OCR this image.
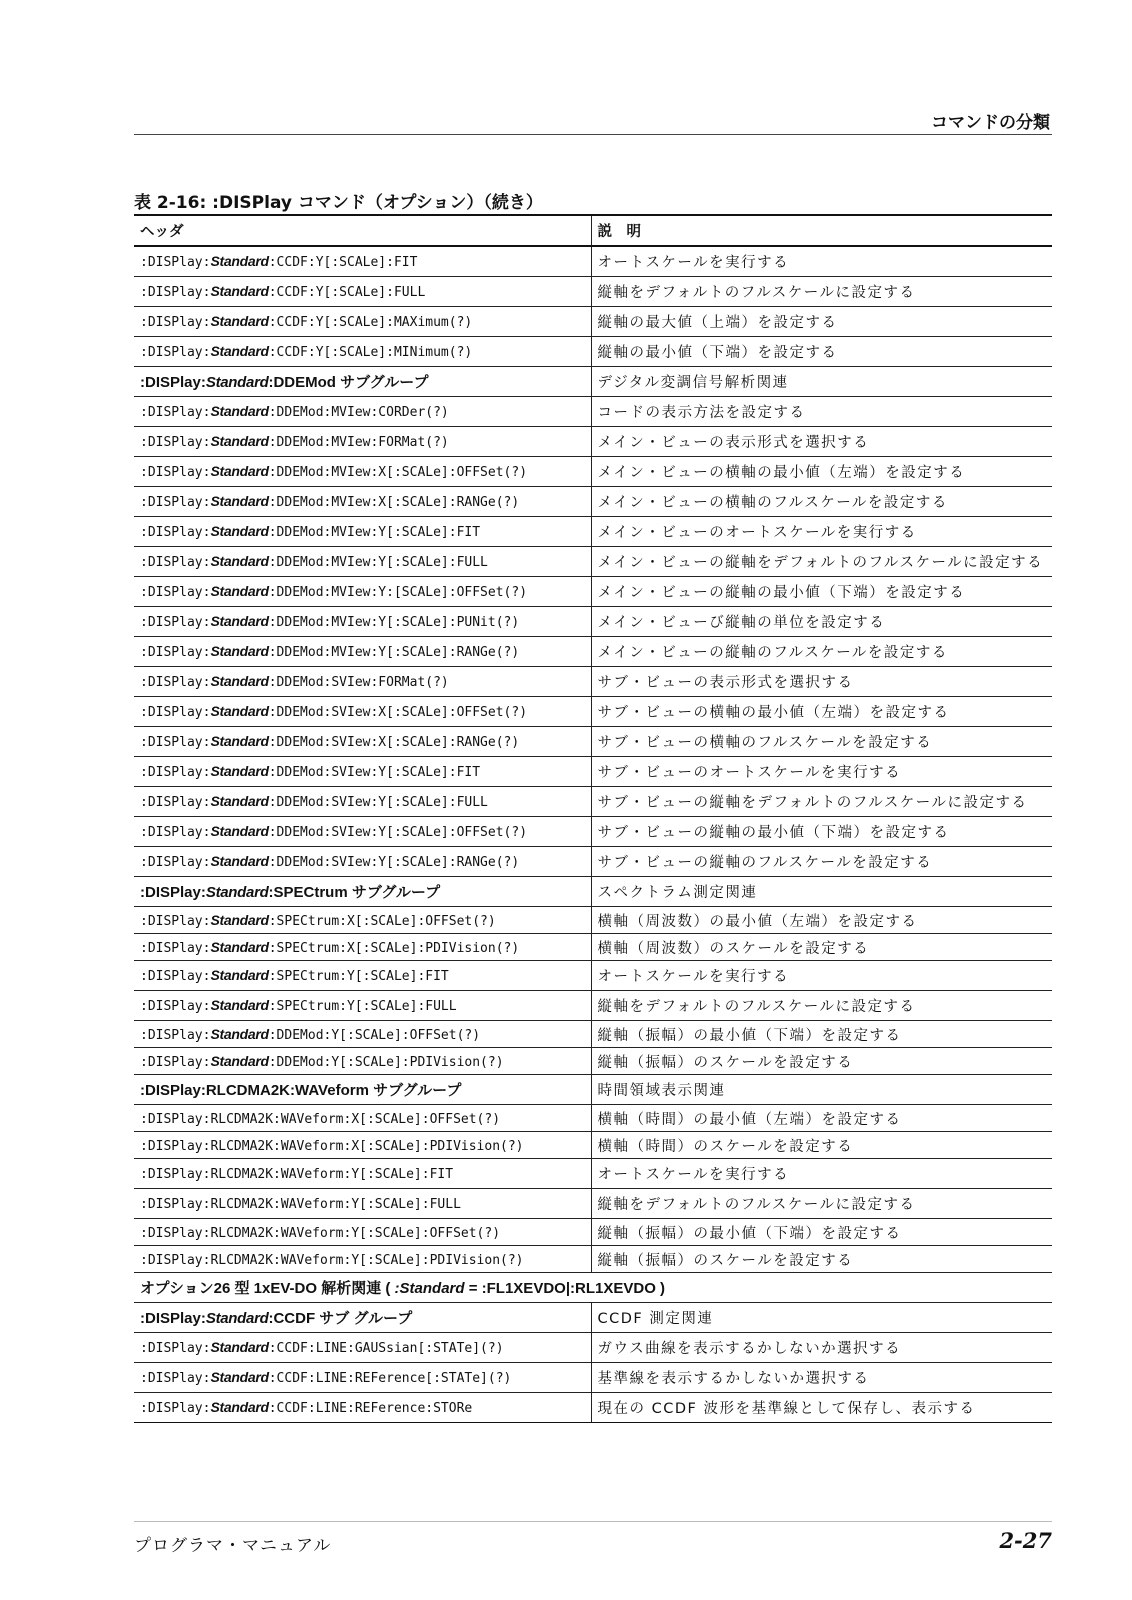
コマンドの分類
表 2-16: :DISPlay コマンド（オプション）（続き）
ヘッダ	説　明
:DISPlay:Standard:CCDF:Y[:SCALe]:FIT	オートスケールを実行する
:DISPlay:Standard:CCDF:Y[:SCALe]:FULL	縦軸をデフォルトのフルスケールに設定する
:DISPlay:Standard:CCDF:Y[:SCALe]:MAXimum(?)	縦軸の最大値（上端）を設定する
:DISPlay:Standard:CCDF:Y[:SCALe]:MINimum(?)	縦軸の最小値（下端）を設定する
:DISPlay:Standard:DDEMod サブグループ	デジタル変調信号解析関連
:DISPlay:Standard:DDEMod:MVIew:CORDer(?)	コードの表示方法を設定する
:DISPlay:Standard:DDEMod:MVIew:FORMat(?)	メイン・ビューの表示形式を選択する
:DISPlay:Standard:DDEMod:MVIew:X[:SCALe]:OFFSet(?)	メイン・ビューの横軸の最小値（左端）を設定する
:DISPlay:Standard:DDEMod:MVIew:X[:SCALe]:RANGe(?)	メイン・ビューの横軸のフルスケールを設定する
:DISPlay:Standard:DDEMod:MVIew:Y[:SCALe]:FIT	メイン・ビューのオートスケールを実行する
:DISPlay:Standard:DDEMod:MVIew:Y[:SCALe]:FULL	メイン・ビューの縦軸をデフォルトのフルスケールに設定する
:DISPlay:Standard:DDEMod:MVIew:Y:[SCALe]:OFFSet(?)	メイン・ビューの縦軸の最小値（下端）を設定する
:DISPlay:Standard:DDEMod:MVIew:Y[:SCALe]:PUNit(?)	メイン・ビューび縦軸の単位を設定する
:DISPlay:Standard:DDEMod:MVIew:Y[:SCALe]:RANGe(?)	メイン・ビューの縦軸のフルスケールを設定する
:DISPlay:Standard:DDEMod:SVIew:FORMat(?)	サブ・ビューの表示形式を選択する
:DISPlay:Standard:DDEMod:SVIew:X[:SCALe]:OFFSet(?)	サブ・ビューの横軸の最小値（左端）を設定する
:DISPlay:Standard:DDEMod:SVIew:X[:SCALe]:RANGe(?)	サブ・ビューの横軸のフルスケールを設定する
:DISPlay:Standard:DDEMod:SVIew:Y[:SCALe]:FIT	サブ・ビューのオートスケールを実行する
:DISPlay:Standard:DDEMod:SVIew:Y[:SCALe]:FULL	サブ・ビューの縦軸をデフォルトのフルスケールに設定する
:DISPlay:Standard:DDEMod:SVIew:Y[:SCALe]:OFFSet(?)	サブ・ビューの縦軸の最小値（下端）を設定する
:DISPlay:Standard:DDEMod:SVIew:Y[:SCALe]:RANGe(?)	サブ・ビューの縦軸のフルスケールを設定する
:DISPlay:Standard:SPECtrum サブグループ	スペクトラム測定関連
:DISPlay:Standard:SPECtrum:X[:SCALe]:OFFSet(?)	横軸（周波数）の最小値（左端）を設定する
:DISPlay:Standard:SPECtrum:X[:SCALe]:PDIVision(?)	横軸（周波数）のスケールを設定する
:DISPlay:Standard:SPECtrum:Y[:SCALe]:FIT	オートスケールを実行する
:DISPlay:Standard:SPECtrum:Y[:SCALe]:FULL	縦軸をデフォルトのフルスケールに設定する
:DISPlay:Standard:DDEMod:Y[:SCALe]:OFFSet(?)	縦軸（振幅）の最小値（下端）を設定する
:DISPlay:Standard:DDEMod:Y[:SCALe]:PDIVision(?)	縦軸（振幅）のスケールを設定する
:DISPlay:RLCDMA2K:WAVeform サブグループ	時間領域表示関連
:DISPlay:RLCDMA2K:WAVeform:X[:SCALe]:OFFSet(?)	横軸（時間）の最小値（左端）を設定する
:DISPlay:RLCDMA2K:WAVeform:X[:SCALe]:PDIVision(?)	横軸（時間）のスケールを設定する
:DISPlay:RLCDMA2K:WAVeform:Y[:SCALe]:FIT	オートスケールを実行する
:DISPlay:RLCDMA2K:WAVeform:Y[:SCALe]:FULL	縦軸をデフォルトのフルスケールに設定する
:DISPlay:RLCDMA2K:WAVeform:Y[:SCALe]:OFFSet(?)	縦軸（振幅）の最小値（下端）を設定する
:DISPlay:RLCDMA2K:WAVeform:Y[:SCALe]:PDIVision(?)	縦軸（振幅）のスケールを設定する
オプション26 型 1xEV-DO 解析関連 ( :Standard = :FL1XEVDO|:RL1XEVDO )	
:DISPlay:Standard:CCDF サブ グループ	CCDF 測定関連
:DISPlay:Standard:CCDF:LINE:GAUSsian[:STATe](?)	ガウス曲線を表示するかしないか選択する
:DISPlay:Standard:CCDF:LINE:REFerence[:STATe](?)	基準線を表示するかしないか選択する
:DISPlay:Standard:CCDF:LINE:REFerence:STORe	現在の CCDF 波形を基準線として保存し、表示する
プログラマ・マニュアル	2-27
